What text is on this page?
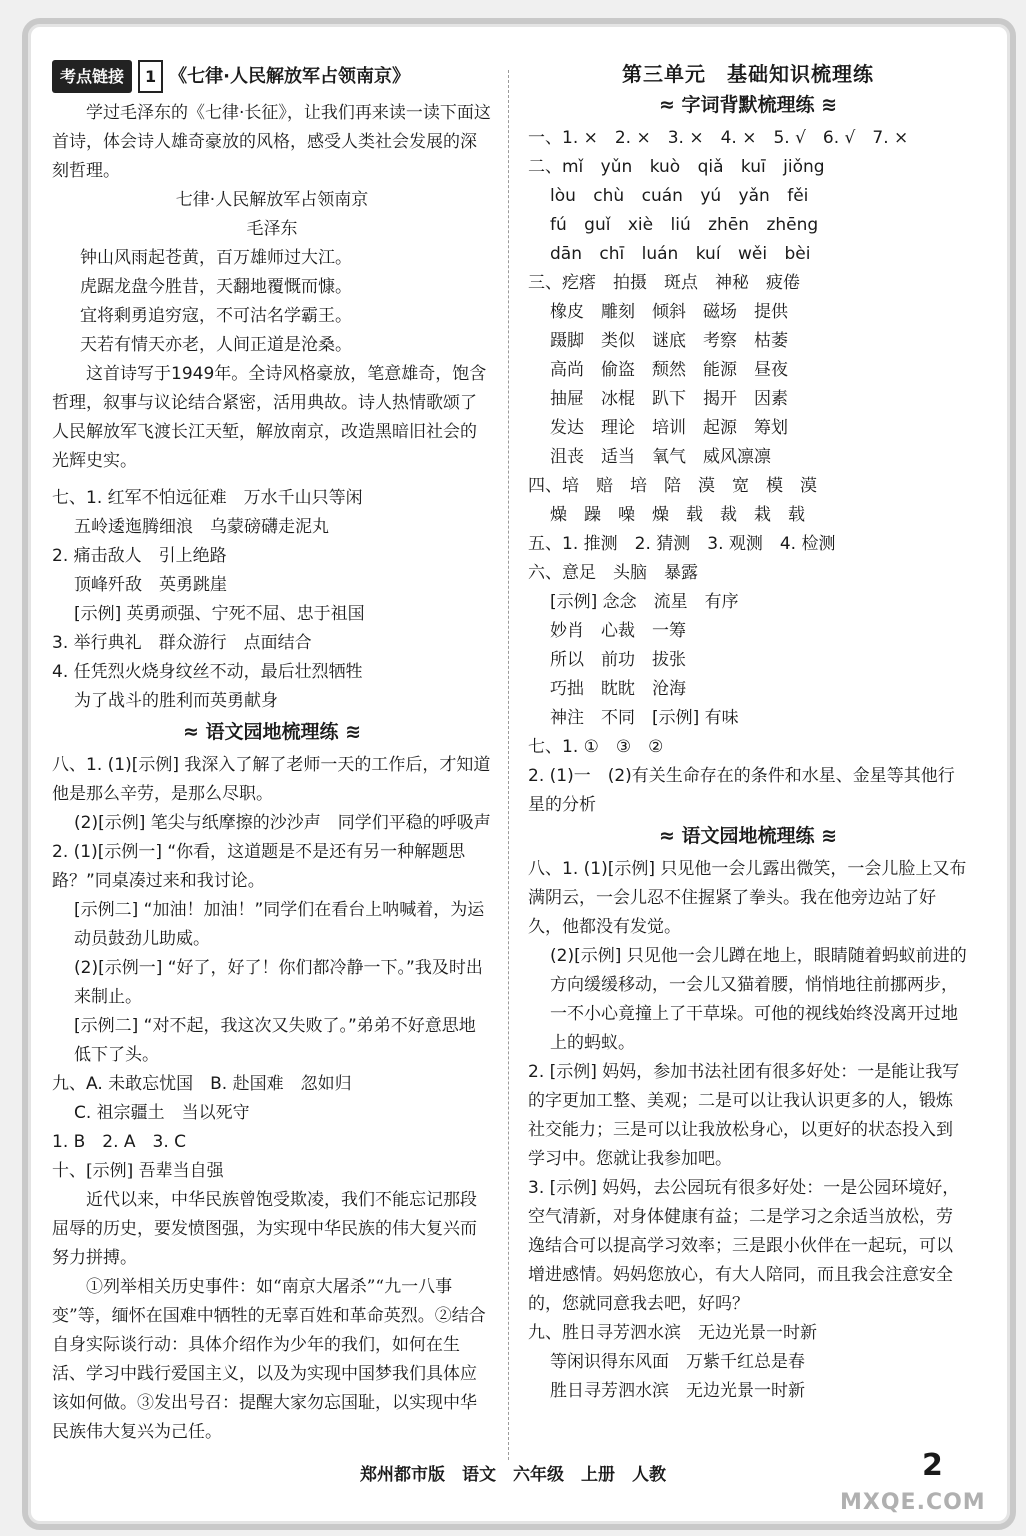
考点链接	1 《七律·人民解放军占领南京》

学过毛泽东的《七律·长征》，让我们再来读一读下面这首诗，体会诗人雄奇豪放的风格，感受人类社会发展的深刻哲理。

七律·人民解放军占领南京

毛泽东

钟山风雨起苍黄，百万雄师过大江。

虎踞龙盘今胜昔，天翻地覆慨而慷。

宜将剩勇追穷寇，不可沽名学霸王。

天若有情天亦老，人间正道是沧桑。

这首诗写于1949年。全诗风格豪放，笔意雄奇，饱含哲理，叙事与议论结合紧密，活用典故。诗人热情歌颂了人民解放军飞渡长江天堑，解放南京，改造黑暗旧社会的光辉史实。

七、1. 红军不怕远征难　万水千山只等闲

五岭逶迤腾细浪　乌蒙磅礴走泥丸

2. 痛击敌人　引上绝路

顶峰歼敌　英勇跳崖

[示例] 英勇顽强、宁死不屈、忠于祖国

3. 举行典礼　群众游行　点面结合

4. 任凭烈火烧身纹丝不动，最后壮烈牺牲

为了战斗的胜利而英勇献身

≈ 语文园地梳理练 ≋

八、1. (1)[示例] 我深入了解了老师一天的工作后，才知道他是那么辛劳，是那么尽职。

(2)[示例] 笔尖与纸摩擦的沙沙声　同学们平稳的呼吸声

2. (1)[示例一] “你看，这道题是不是还有另一种解题思路？”同桌凑过来和我讨论。

[示例二] “加油！加油！”同学们在看台上呐喊着，为运动员鼓劲儿助威。

(2)[示例一] “好了，好了！你们都冷静一下。”我及时出来制止。

[示例二] “对不起，我这次又失败了。”弟弟不好意思地低下了头。

九、A. 未敢忘忧国　B. 赴国难　忽如归

C. 祖宗疆土　当以死守

1. B　2. A　3. C

十、[示例] 吾辈当自强

近代以来，中华民族曾饱受欺凌，我们不能忘记那段屈辱的历史，要发愤图强，为实现中华民族的伟大复兴而努力拼搏。

①列举相关历史事件：如“南京大屠杀”“九一八事变”等，缅怀在国难中牺牲的无辜百姓和革命英烈。②结合自身实际谈行动：具体介绍作为少年的我们，如何在生活、学习中践行爱国主义，以及为实现中国梦我们具体应该如何做。③发出号召：提醒大家勿忘国耻，以实现中华民族伟大复兴为己任。

第三单元　基础知识梳理练

≈ 字词背默梳理练 ≋

一、1. ×　2. ×　3. ×　4. ×　5. √　6. √　7. ×

二、 mǐ yǔn kuò qiǎ kuī jiǒng

lòu chù cuán yú yǎn fěi

fú guǐ xiè liú zhēn zhēng

dān chī luán kuí wěi bèi

三、 疙瘩　拍摄　斑点　神秘　疲倦

橡皮　雕刻　倾斜　磁场　提供

蹑脚　类似　谜底　考察　枯萎

高尚　偷盗　颓然　能源　昼夜

抽屉　冰棍　趴下　揭开　因素

发达　理论　培训　起源　筹划

沮丧　适当　氧气　威风凛凛

四、培　赔　培　陪　漠　宽　模　漠

燥　躁　噪　燥　载　裁　栽　载

五、1. 推测　2. 猜测　3. 观测　4. 检测

六、意足　头脑　暴露

[示例] 念念　流星　有序

妙肖　心裁　一筹

所以　前功　拔张

巧拙　眈眈　沧海

神注　不同　[示例] 有味

七、1. ①　③　②

2. (1)一　(2)有关生命存在的条件和水星、金星等其他行星的分析

≈ 语文园地梳理练 ≋

八、1. (1)[示例] 只见他一会儿露出微笑，一会儿脸上又布满阴云，一会儿忍不住握紧了拳头。我在他旁边站了好久，他都没有发觉。

(2)[示例] 只见他一会儿蹲在地上，眼睛随着蚂蚁前进的方向缓缓移动，一会儿又猫着腰，悄悄地往前挪两步，一不小心竟撞上了干草垛。可他的视线始终没离开过地上的蚂蚁。

2. [示例] 妈妈，参加书法社团有很多好处：一是能让我写的字更加工整、美观；二是可以让我认识更多的人，锻炼社交能力；三是可以让我放松身心，以更好的状态投入到学习中。您就让我参加吧。

3. [示例] 妈妈，去公园玩有很多好处：一是公园环境好，空气清新，对身体健康有益；二是学习之余适当放松，劳逸结合可以提高学习效率；三是跟小伙伴在一起玩，可以增进感情。妈妈您放心，有大人陪同，而且我会注意安全的，您就同意我去吧，好吗？

九、胜日寻芳泗水滨　无边光景一时新

等闲识得东风面　万紫千红总是春

胜日寻芳泗水滨　无边光景一时新

郑州都市版　语文　六年级　上册　人教	2
MXQE.COM
